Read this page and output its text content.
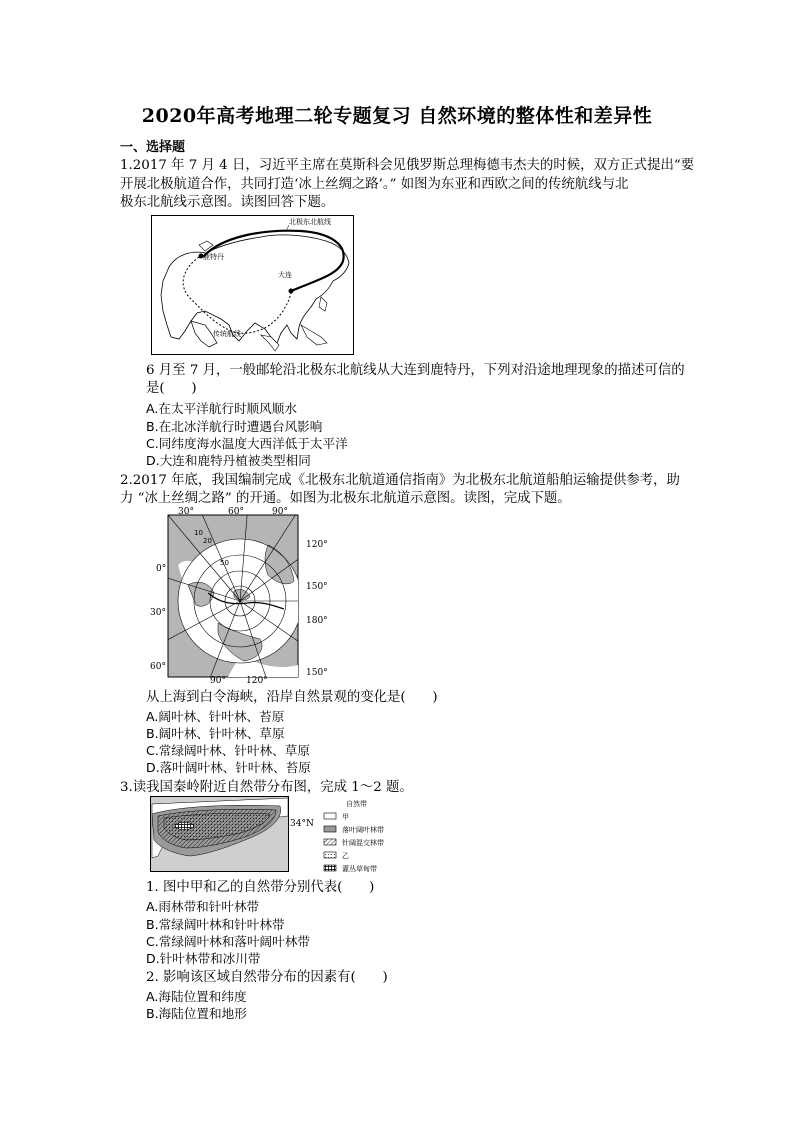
2020年高考地理二轮专题复习 自然环境的整体性和差异性
一、选择题
1.2017 年 7 月 4 日，习近平主席在莫斯科会见俄罗斯总理梅德韦杰夫的时候，双方正式提出“要
开展北极航道合作，共同打造‘冰上丝绸之路’。” 如图为东亚和西欧之间的传统航线与北
极东北航线示意图。读图回答下题。
北极东北航线
鹿特丹
大连
传统航线
6 月至 7 月，一般邮轮沿北极东北航线从大连到鹿特丹，下列对沿途地理现象的描述可信的
是(　　)
A.在太平洋航行时顺风顺水
B.在北冰洋航行时遭遇台风影响
C.同纬度海水温度大西洋低于太平洋
D.大连和鹿特丹植被类型相同
2.2017 年底，我国编制完成《北极东北航道通信指南》为北极东北航道船舶运输提供参考，助
力 “冰上丝绸之路” 的开通。如图为北极东北航道示意图。读图，完成下题。
30°	60°	90°
0°
30°
60°
120°
150°
180°
150°
90° 120°
10
20
50
从上海到白令海峡，沿岸自然景观的变化是(　　)
A.阔叶林、针叶林、苔原
B.阔叶林、针叶林、草原
C.常绿阔叶林、针叶林、草原
D.落叶阔叶林、针叶林、苔原
3.读我国秦岭附近自然带分布图，完成 1～2 题。
34°N
自然带
甲
落叶阔叶林带
针阔混交林带
乙
灌丛草甸带
1. 图中甲和乙的自然带分别代表(　　)
A.雨林带和针叶林带
B.常绿阔叶林和针叶林带
C.常绿阔叶林和落叶阔叶林带
D.针叶林带和冰川带
2. 影响该区域自然带分布的因素有(　　)
A.海陆位置和纬度
B.海陆位置和地形
